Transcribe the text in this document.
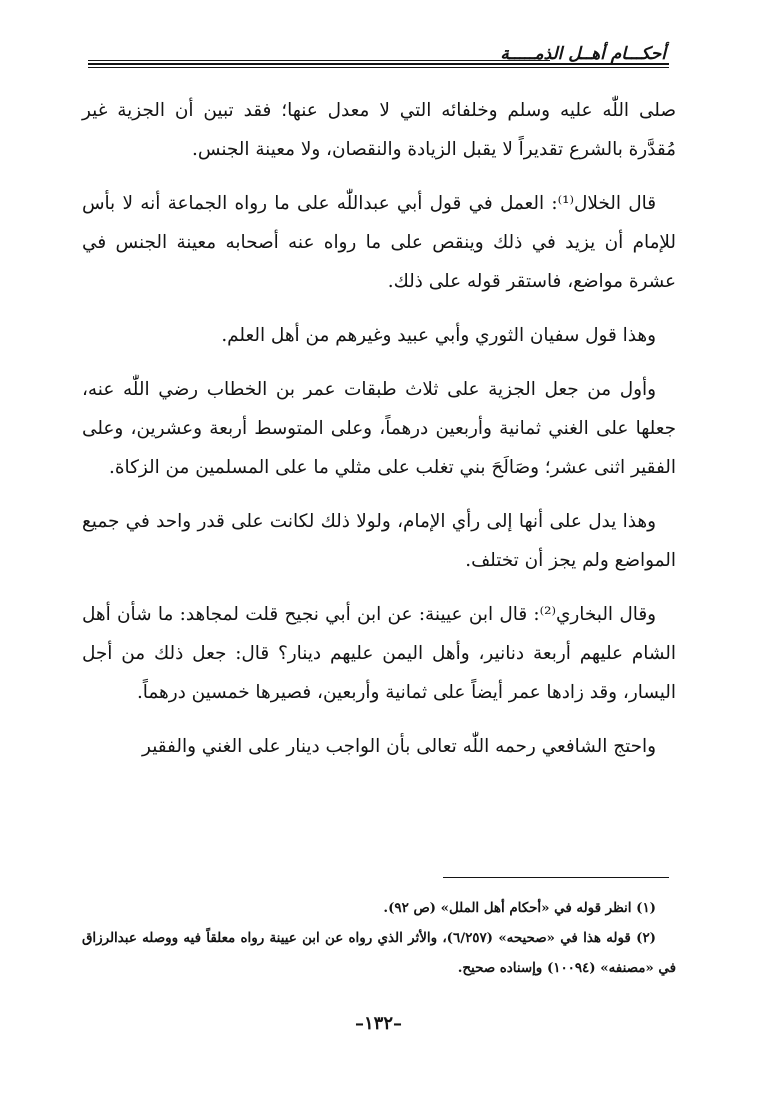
أحكـــام أهــل الذمـــــة

صلى اللّٰه عليه وسلم وخلفائه التي لا معدل عنها؛ فقد تبين أن الجزية غير مُقدَّرة بالشرع تقديراً لا يقبل الزيادة والنقصان، ولا معينة الجنس.

قال الخلال⁽¹⁾: العمل في قول أبي عبداللّٰه على ما رواه الجماعة أنه لا بأس للإمام أن يزيد في ذلك وينقص على ما رواه عنه أصحابه معينة الجنس في عشرة مواضع، فاستقر قوله على ذلك.

وهذا قول سفيان الثوري وأبي عبيد وغيرهم من أهل العلم.

وأول من جعل الجزية على ثلاث طبقات عمر بن الخطاب رضي اللّٰه عنه، جعلها على الغني ثمانية وأربعين درهماً، وعلى المتوسط أربعة وعشرين، وعلى الفقير اثنى عشر؛ وصَالَحَ بني تغلب على مثلي ما على المسلمين من الزكاة.

وهذا يدل على أنها إلى رأي الإمام، ولولا ذلك لكانت على قدر واحد في جميع المواضع ولم يجز أن تختلف.

وقال البخاري⁽²⁾: قال ابن عيينة: عن ابن أبي نجيح قلت لمجاهد: ما شأن أهل الشام عليهم أربعة دنانير، وأهل اليمن عليهم دينار؟ قال: جعل ذلك من أجل اليسار، وقد زادها عمر أيضاً على ثمانية وأربعين، فصيرها خمسين درهماً.

واحتج الشافعي رحمه اللّٰه تعالى بأن الواجب دينار على الغني والفقير

(١) انظر قوله في «أحكام أهل الملل» (ص ٩٢).

(٢) قوله هذا في «صحيحه» (٦/٢٥٧)، والأثر الذي رواه عن ابن عيينة رواه معلقاً فيه ووصله عبدالرزاق في «مصنفه» (١٠٠٩٤) وإسناده صحيح.

–١٣٢–
